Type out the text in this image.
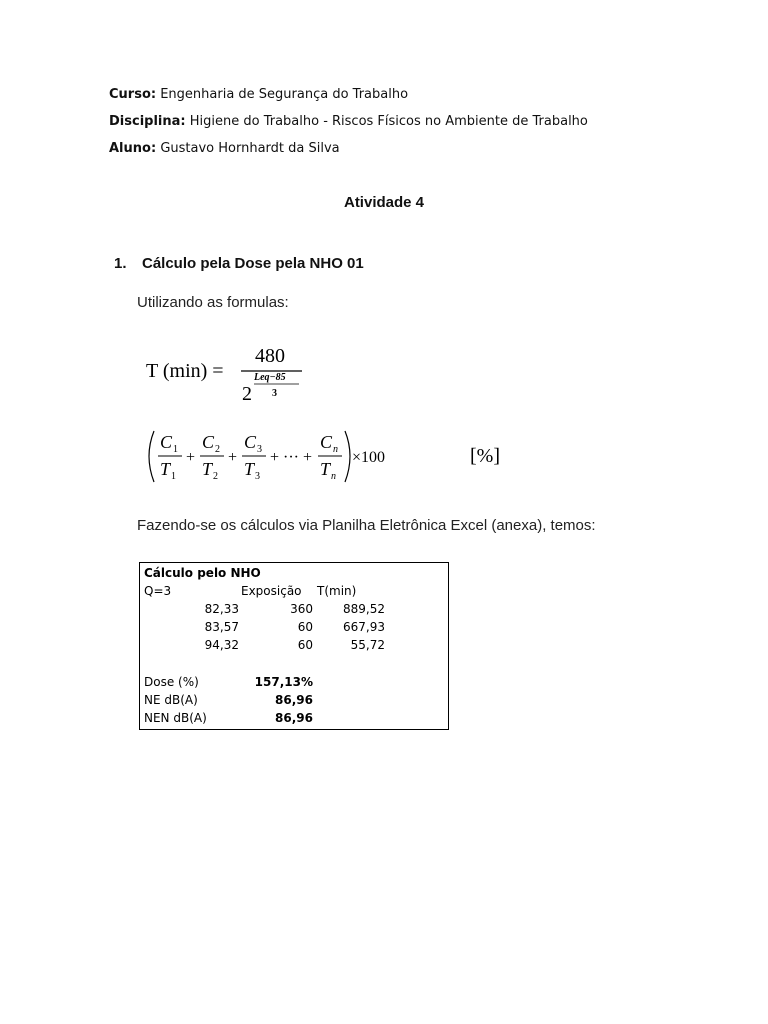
Curso: Engenharia de Segurança do Trabalho
Disciplina: Higiene do Trabalho - Riscos Físicos no Ambiente de Trabalho
Aluno: Gustavo Hornhardt da Silva
Atividade 4
1. Cálculo pela Dose pela NHO 01
Utilizando as formulas:
T (min) =
480
2
Leq−85
3
C 1
T 1
+
C 2
T 2
+
C 3
T 3
+ ··· +
C n
T n
×100	[%]
Fazendo-se os cálculos via Planilha Eletrônica Excel (anexa), temos:
Cálculo pelo NHO
Q=3	Exposição T(min)
82,33	360	889,52
83,57	60	667,93
94,32	60	55,72
Dose (%)	157,13%
NE dB(A)	86,96
NEN dB(A)	86,96
